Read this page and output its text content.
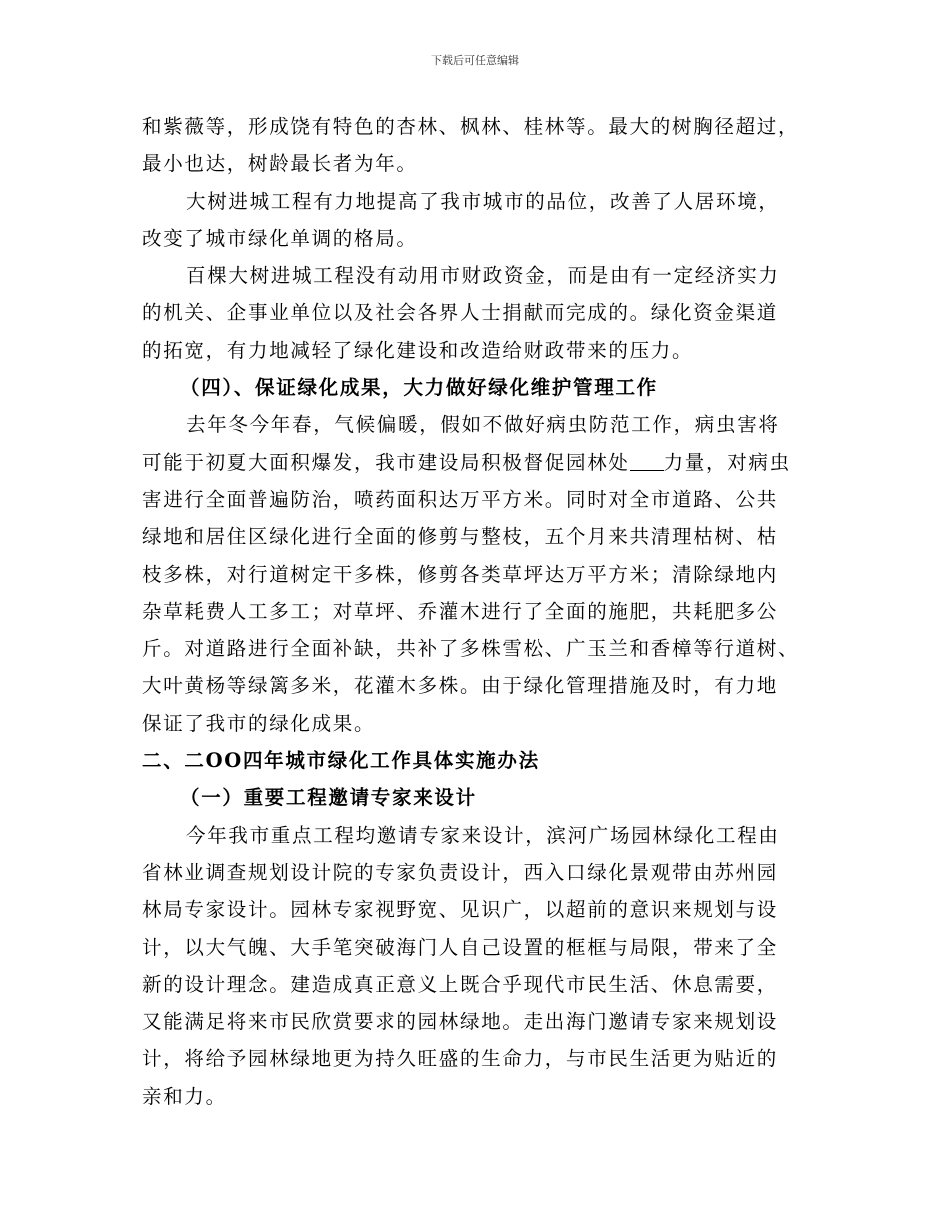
下载后可任意编辑
和紫薇等，形成饶有特色的杏林、枫林、桂林等。最大的树胸径超过，
最小也达，树龄最长者为年。
大树进城工程有力地提高了我市城市的品位，改善了人居环境，
改变了城市绿化单调的格局。
百棵大树进城工程没有动用市财政资金，而是由有一定经济实力
的机关、企事业单位以及社会各界人士捐献而完成的。绿化资金渠道
的拓宽，有力地减轻了绿化建设和改造给财政带来的压力。
（四）、保证绿化成果，大力做好绿化维护管理工作
去年冬今年春，气候偏暖，假如不做好病虫防范工作，病虫害将
可能于初夏大面积爆发，我市建设局积极督促园林处 力量，对病虫
害进行全面普遍防治，喷药面积达万平方米。同时对全市道路、公共
绿地和居住区绿化进行全面的修剪与整枝，五个月来共清理枯树、枯
枝多株，对行道树定干多株，修剪各类草坪达万平方米；清除绿地内
杂草耗费人工多工；对草坪、乔灌木进行了全面的施肥，共耗肥多公
斤。对道路进行全面补缺，共补了多株雪松、广玉兰和香樟等行道树、
大叶黄杨等绿篱多米，花灌木多株。由于绿化管理措施及时，有力地
保证了我市的绿化成果。
二、二OO四年城市绿化工作具体实施办法
（一）重要工程邀请专家来设计
今年我市重点工程均邀请专家来设计，滨河广场园林绿化工程由
省林业调查规划设计院的专家负责设计，西入口绿化景观带由苏州园
林局专家设计。园林专家视野宽、见识广，以超前的意识来规划与设
计，以大气魄、大手笔突破海门人自己设置的框框与局限，带来了全
新的设计理念。建造成真正意义上既合乎现代市民生活、休息需要，
又能满足将来市民欣赏要求的园林绿地。走出海门邀请专家来规划设
计，将给予园林绿地更为持久旺盛的生命力，与市民生活更为贴近的
亲和力。
